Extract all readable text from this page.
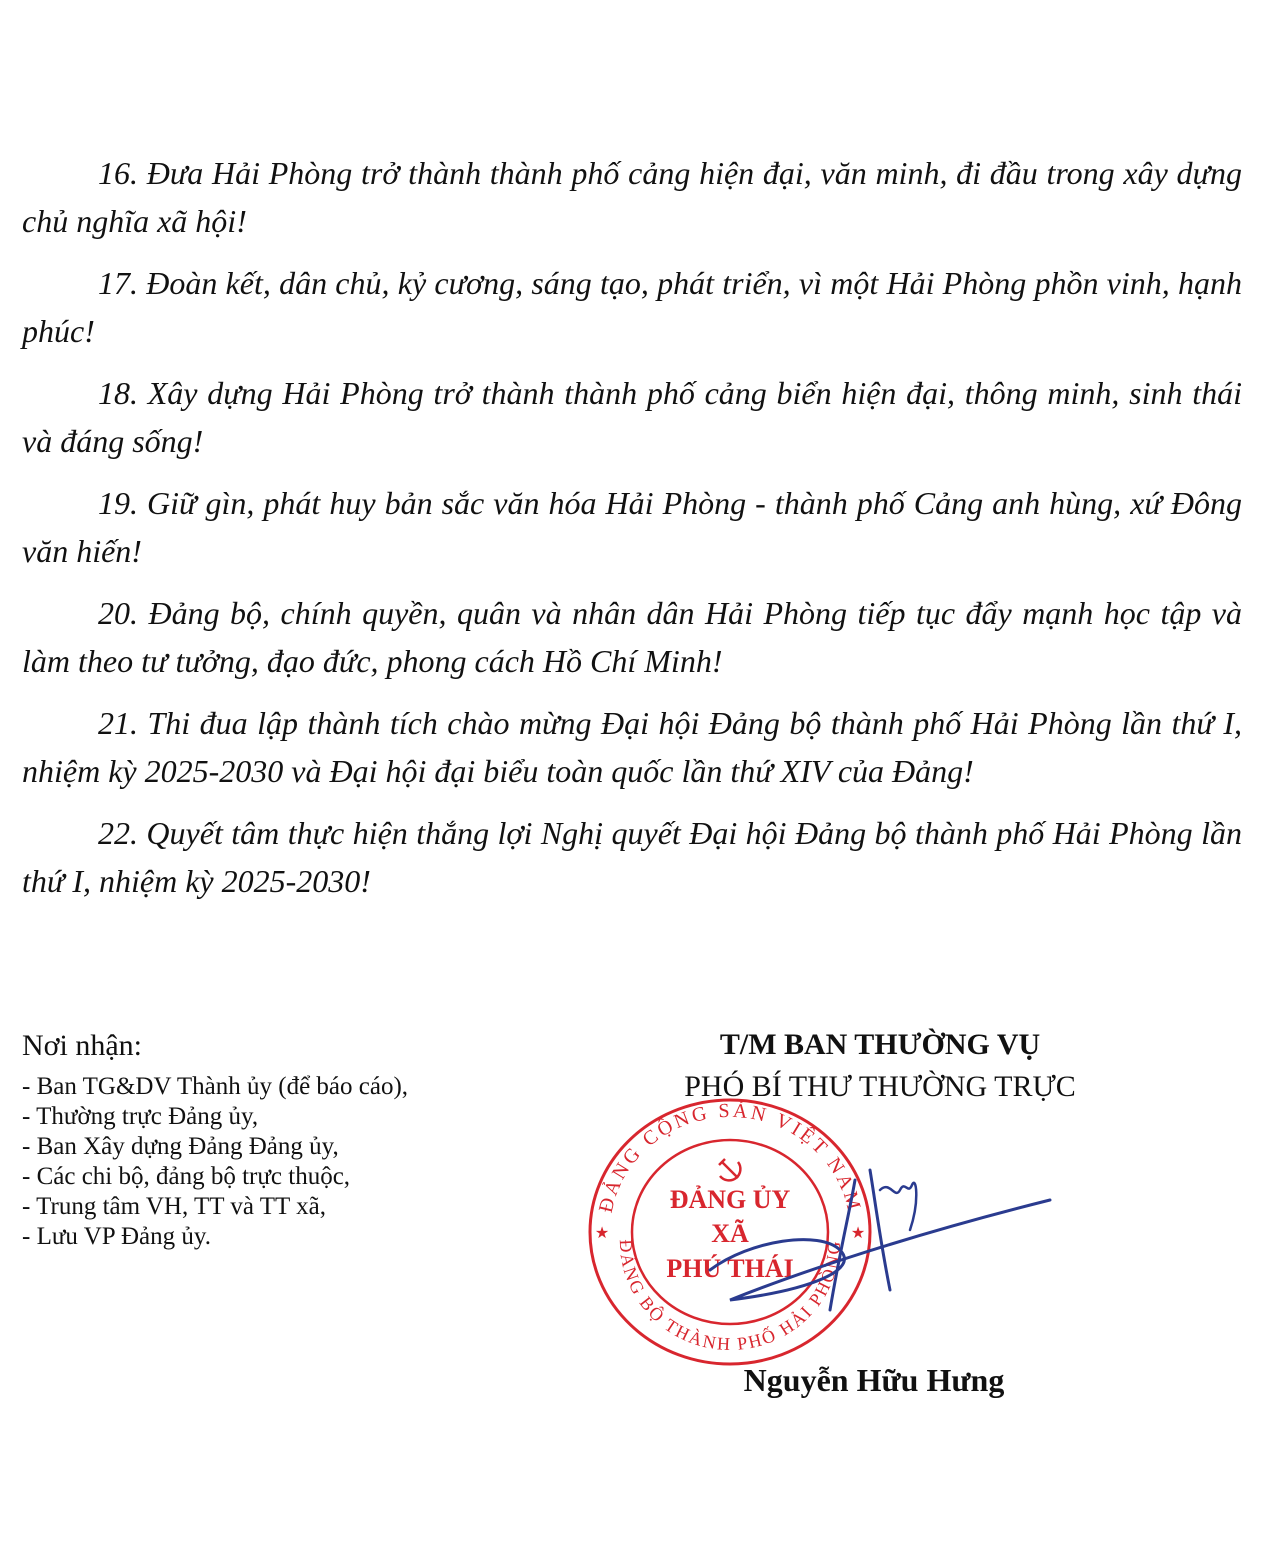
16. Đưa Hải Phòng trở thành thành phố cảng hiện đại, văn minh, đi đầu trong xây dựng chủ nghĩa xã hội!

17. Đoàn kết, dân chủ, kỷ cương, sáng tạo, phát triển, vì một Hải Phòng phồn vinh, hạnh phúc!

18. Xây dựng Hải Phòng trở thành thành phố cảng biển hiện đại, thông minh, sinh thái và đáng sống!

19. Giữ gìn, phát huy bản sắc văn hóa Hải Phòng - thành phố Cảng anh hùng, xứ Đông văn hiến!

20. Đảng bộ, chính quyền, quân và nhân dân Hải Phòng tiếp tục đẩy mạnh học tập và làm theo tư tưởng, đạo đức, phong cách Hồ Chí Minh!

21. Thi đua lập thành tích chào mừng Đại hội Đảng bộ thành phố Hải Phòng lần thứ I, nhiệm kỳ 2025-2030 và Đại hội đại biểu toàn quốc lần thứ XIV của Đảng!

22. Quyết tâm thực hiện thắng lợi Nghị quyết Đại hội Đảng bộ thành phố Hải Phòng lần thứ I, nhiệm kỳ 2025-2030!

Nơi nhận:

- Ban TG&DV Thành ủy (để báo cáo),

- Thường trực Đảng ủy,

- Ban Xây dựng Đảng Đảng ủy,

- Các chi bộ, đảng bộ trực thuộc,

- Trung tâm VH, TT và TT xã,

- Lưu VP Đảng ủy.

T/M BAN THƯỜNG VỤ

PHÓ BÍ THƯ THƯỜNG TRỰC

ĐẢNG CỘNG SẢN VIỆT NAM
ĐẢNG BỘ THÀNH PHỐ HẢI PHÒNG
★	★
ĐẢNG ỦY
XÃ
PHÚ THÁI
Nguyễn Hữu Hưng
